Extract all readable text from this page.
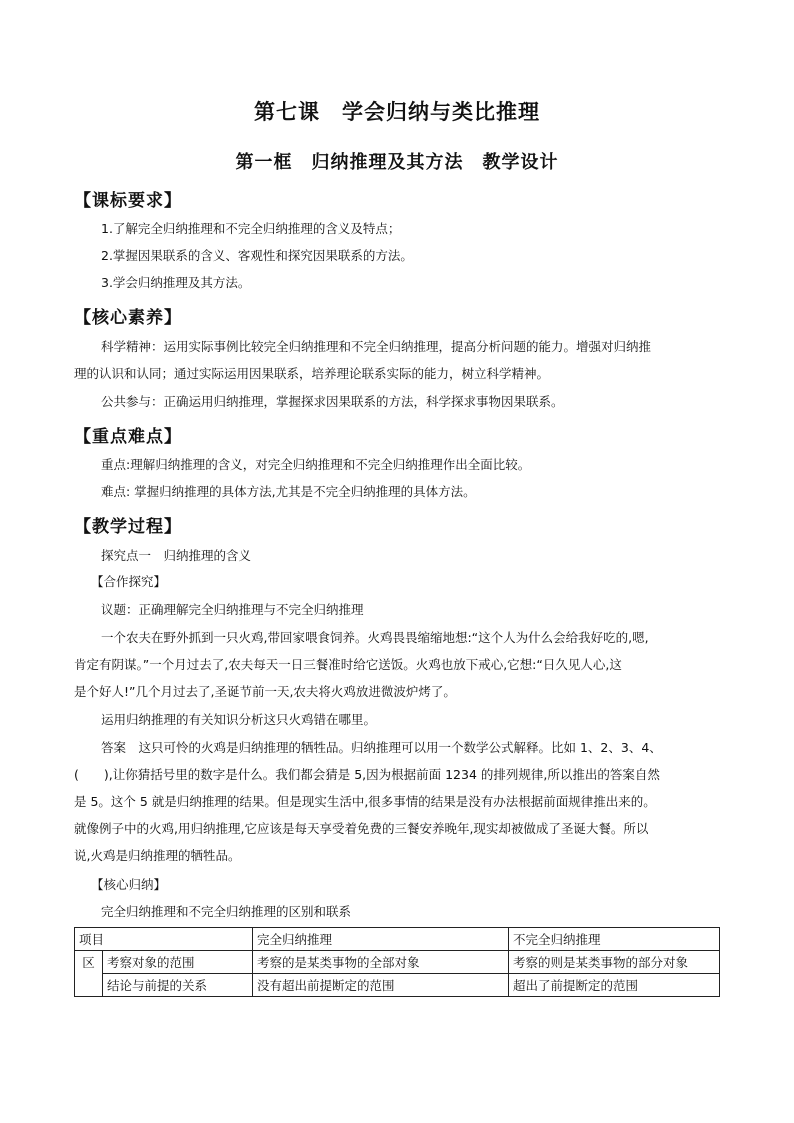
第七课　学会归纳与类比推理
第一框　归纳推理及其方法　教学设计
【课标要求】
1.了解完全归纳推理和不完全归纳推理的含义及特点；
2.掌握因果联系的含义、客观性和探究因果联系的方法。
3.学会归纳推理及其方法。
【核心素养】
科学精神：运用实际事例比较完全归纳推理和不完全归纳推理，提高分析问题的能力。增强对归纳推
理的认识和认同；通过实际运用因果联系，培养理论联系实际的能力，树立科学精神。
公共参与：正确运用归纳推理，掌握探求因果联系的方法，科学探求事物因果联系。
【重点难点】
重点:理解归纳推理的含义，对完全归纳推理和不完全归纳推理作出全面比较。
难点: 掌握归纳推理的具体方法,尤其是不完全归纳推理的具体方法。
【教学过程】
探究点一　归纳推理的含义
【合作探究】
议题：正确理解完全归纳推理与不完全归纳推理
一个农夫在野外抓到一只火鸡,带回家喂食饲养。火鸡畏畏缩缩地想:“这个人为什么会给我好吃的,嗯,
肯定有阴谋。”一个月过去了,农夫每天一日三餐准时给它送饭。火鸡也放下戒心,它想:“日久见人心,这
是个好人!”几个月过去了,圣诞节前一天,农夫将火鸡放进微波炉烤了。
运用归纳推理的有关知识分析这只火鸡错在哪里。
答案　这只可怜的火鸡是归纳推理的牺牲品。归纳推理可以用一个数学公式解释。比如 1、2、3、4、
(　　),让你猜括号里的数字是什么。我们都会猜是 5,因为根据前面 1234 的排列规律,所以推出的答案自然
是 5。这个 5 就是归纳推理的结果。但是现实生活中,很多事情的结果是没有办法根据前面规律推出来的。
就像例子中的火鸡,用归纳推理,它应该是每天享受着免费的三餐安养晚年,现实却被做成了圣诞大餐。所以
说,火鸡是归纳推理的牺牲品。
【核心归纳】
完全归纳推理和不完全归纳推理的区别和联系
项目		完全归纳推理	不完全归纳推理
区	考察对象的范围	考察的是某类事物的全部对象	考察的则是某类事物的部分对象
	结论与前提的关系	没有超出前提断定的范围	超出了前提断定的范围
